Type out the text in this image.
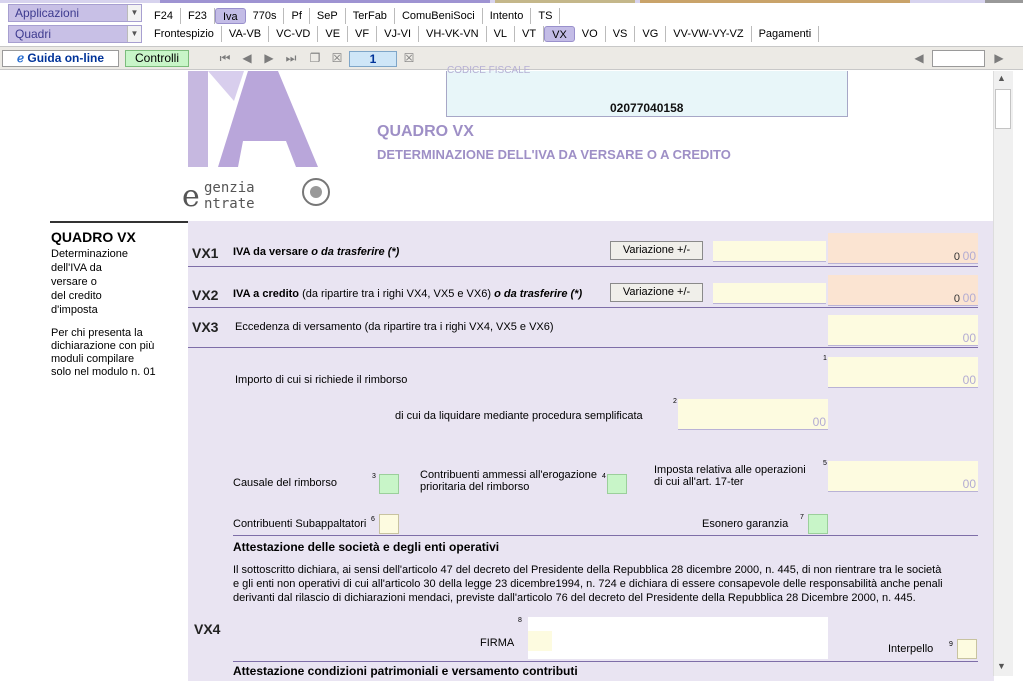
Applicazioni	▼
Quadri	▼
F24	F23	Iva	770s	Pf	SeP	TerFab	ComuBeniSoci	Intento	TS
Frontespizio	VA-VB	VC-VD	VE	VF	VJ-VI	VH-VK-VN	VL	VT	VX	VO	VS	VG	VV-VW-VY-VZ	Pagamenti
ℯ Guida on-line	Controlli	⏮ ◀ ▶ ⏭ ❐ ☒	1	☒	◀	▶
e genzia
ntrate
CODICE FISCALE
02077040158
QUADRO VX
DETERMINAZIONE DELL'IVA DA VERSARE O A CREDITO
QUADRO VX
Determinazione
dell'IVA da
versare o
del credito
d'imposta
Per chi presenta la
dichiarazione con più
moduli compilare
solo nel modulo n. 01
VX1 IVA da versare o da trasferire (*)	Variazione +/-
0 00
VX2 IVA a credito (da ripartire tra i righi VX4, VX5 e VX6) o da trasferire (*)	Variazione +/-
0 00
VX3 Eccedenza di versamento (da ripartire tra i righi VX4, VX5 e VX6)
00
Importo di cui si richiede il rimborso
1
00
di cui da liquidare mediante procedura semplificata
2
00
Causale del rimborso
3	Contribuenti ammessi all'erogazione
prioritaria del rimborso
4
Imposta relativa alle operazioni
di cui all'art. 17-ter
5
00
Contribuenti Subappaltatori 6	Esonero garanzia
7
Attestazione delle società e degli enti operativi
Il sottoscritto dichiara, ai sensi dell'articolo 47 del decreto del Presidente della Repubblica 28 dicembre 2000, n. 445, di non rientrare tra le società
e gli enti non operativi di cui all'articolo 30 della legge 23 dicembre1994, n. 724 e dichiara di essere consapevole delle responsabilità anche penali
derivanti dal rilascio di dichiarazioni mendaci, previste dall'articolo 76 del decreto del Presidente della Repubblica 28 Dicembre 2000, n. 445.
VX4
FIRMA
8
Interpello 9
Attestazione condizioni patrimoniali e versamento contributi
▲
▼
